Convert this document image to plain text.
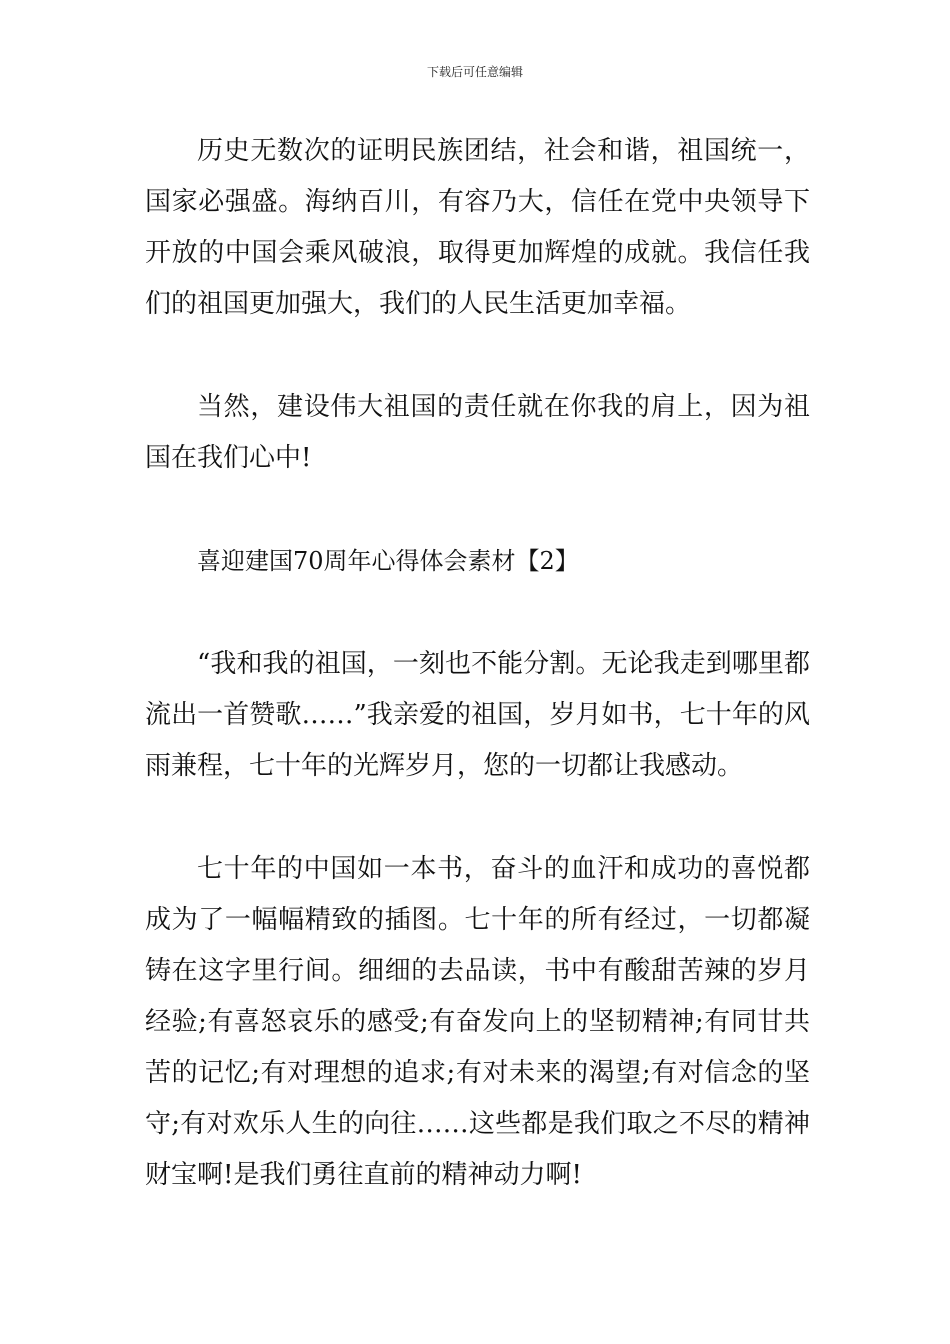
下载后可任意编辑

历史无数次的证明民族团结，社会和谐，祖国统一，国家必强盛。海纳百川，有容乃大，信任在党中央领导下开放的中国会乘风破浪，取得更加辉煌的成就。我信任我们的祖国更加强大，我们的人民生活更加幸福。

当然，建设伟大祖国的责任就在你我的肩上，因为祖国在我们心中!

喜迎建国70周年心得体会素材【2】

“我和我的祖国，一刻也不能分割。无论我走到哪里都流出一首赞歌……”我亲爱的祖国，岁月如书，七十年的风雨兼程，七十年的光辉岁月，您的一切都让我感动。

七十年的中国如一本书，奋斗的血汗和成功的喜悦都成为了一幅幅精致的插图。七十年的所有经过，一切都凝铸在这字里行间。细细的去品读，书中有酸甜苦辣的岁月经验;有喜怒哀乐的感受;有奋发向上的坚韧精神;有同甘共苦的记忆;有对理想的追求;有对未来的渴望;有对信念的坚守;有对欢乐人生的向往……这些都是我们取之不尽的精神财宝啊!是我们勇往直前的精神动力啊!
